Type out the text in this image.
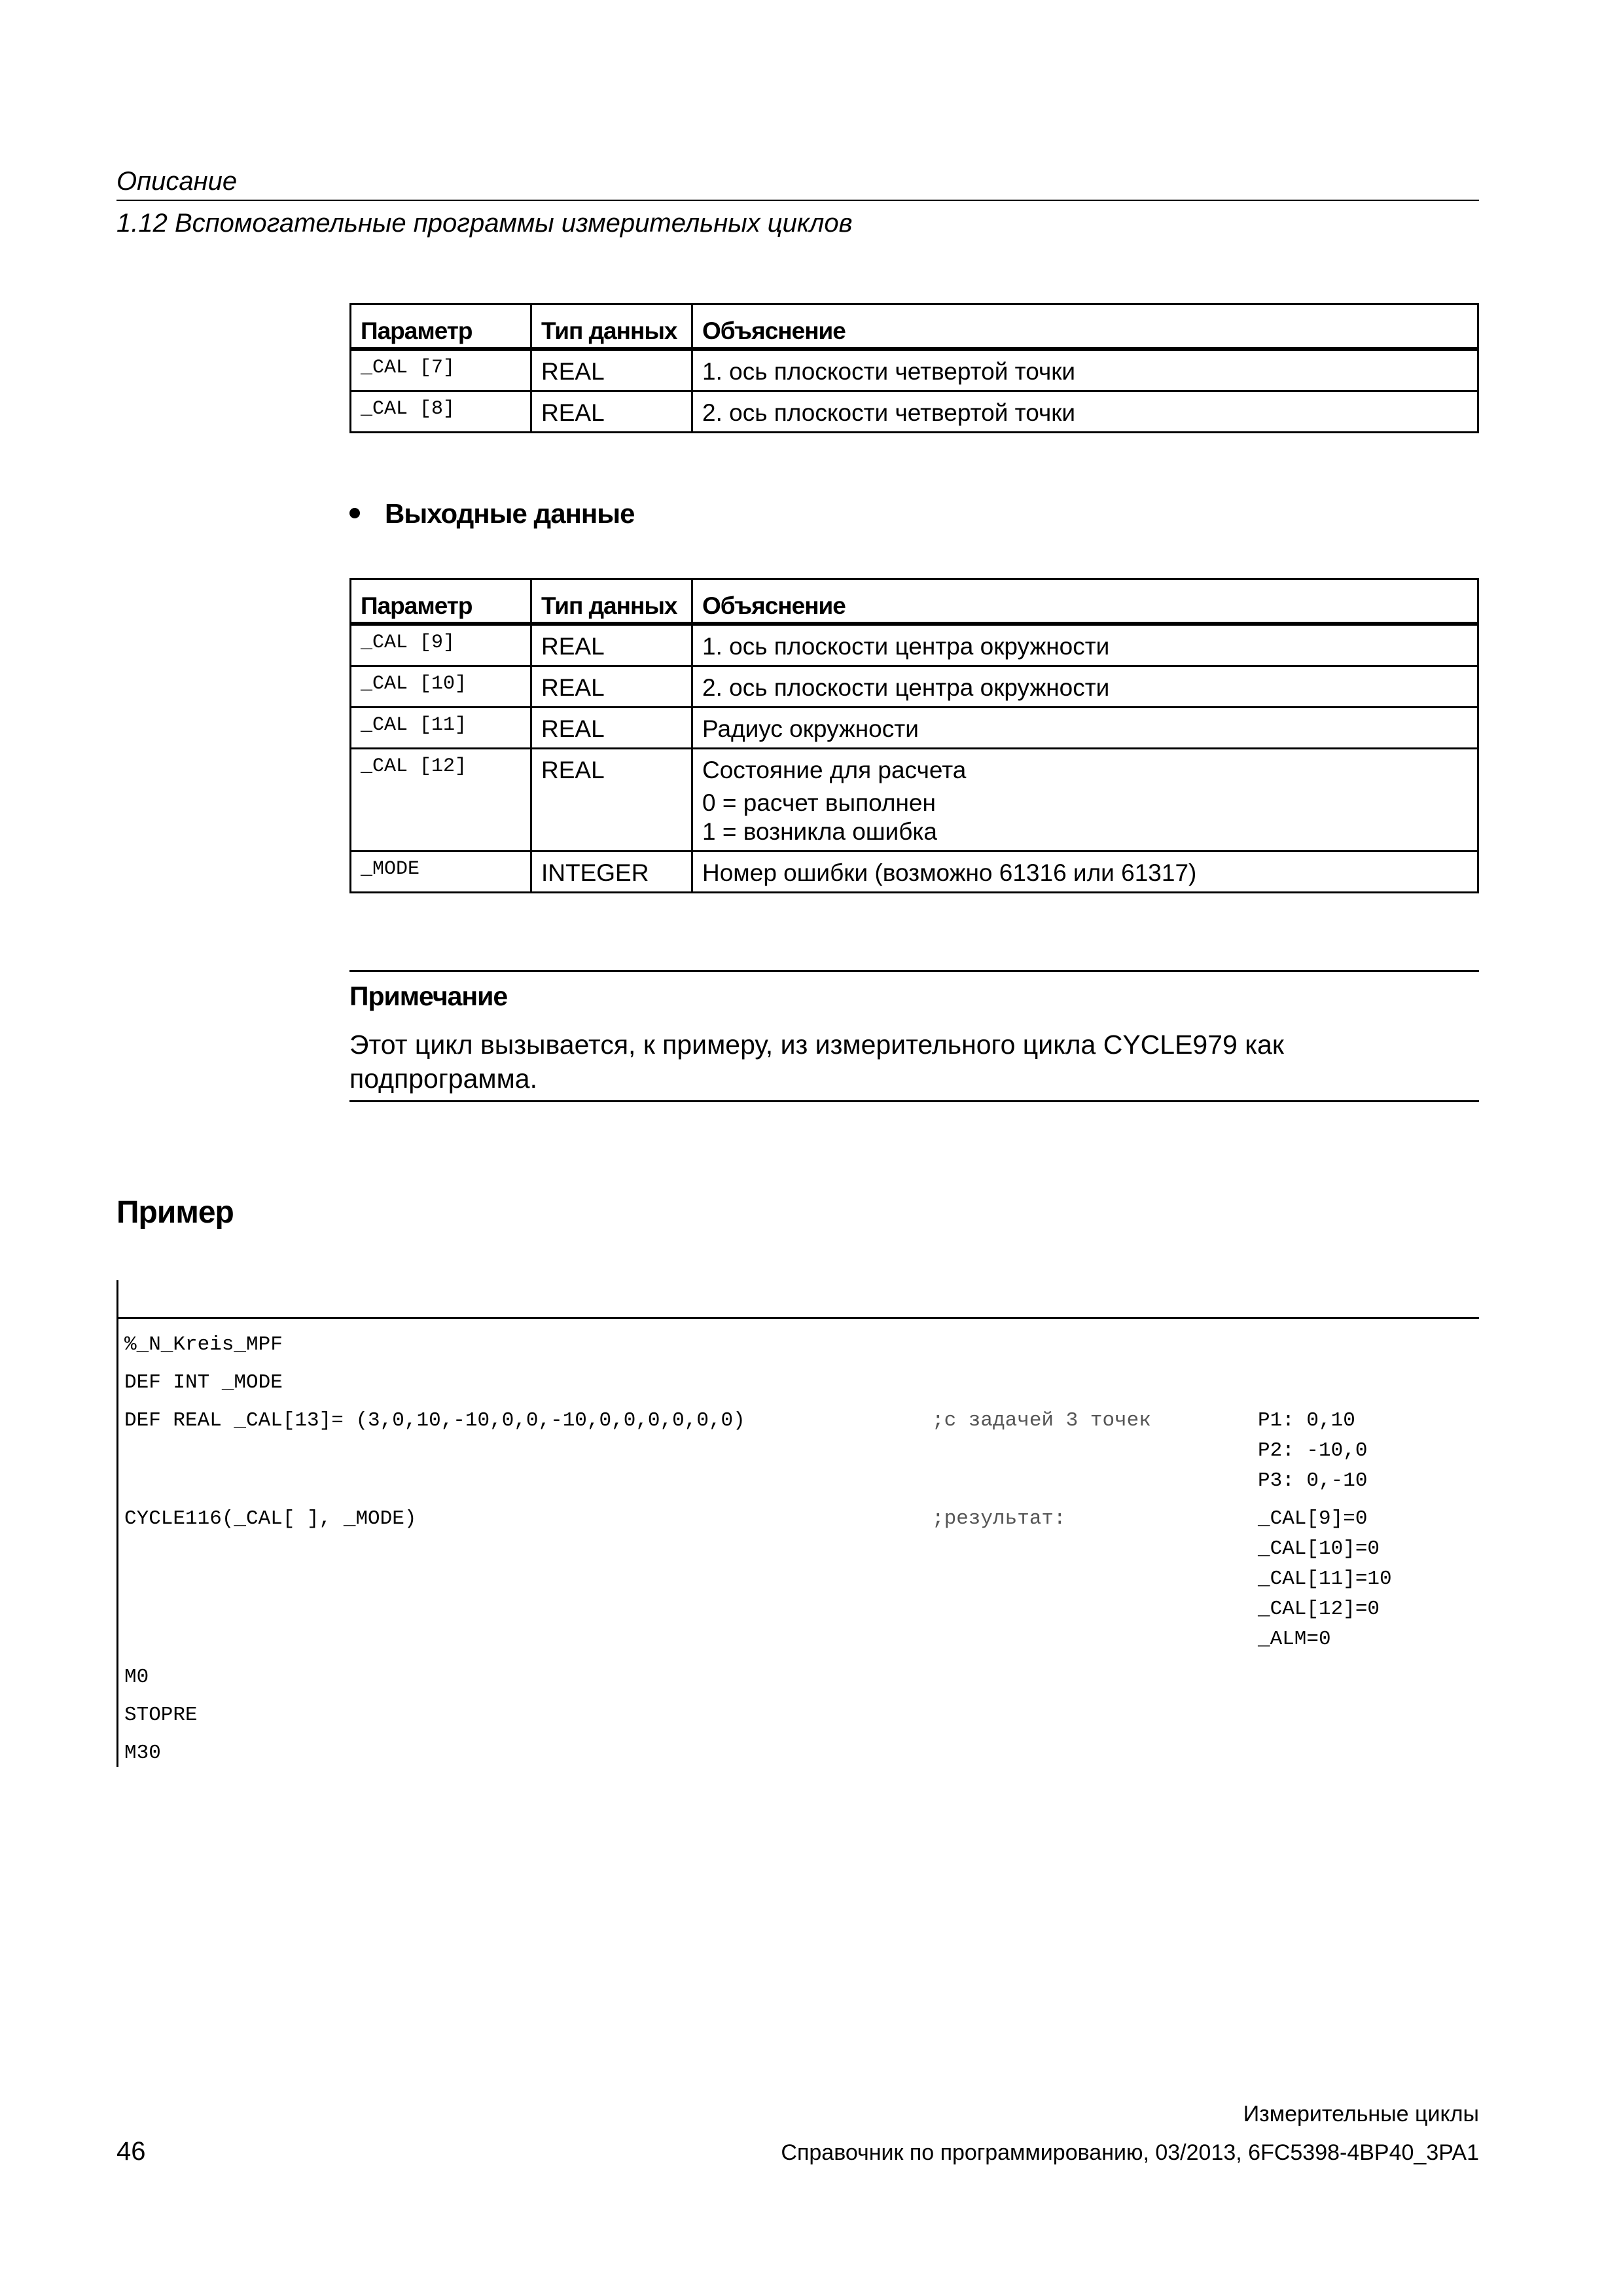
Описание
1.12 Вспомогательные программы измерительных циклов
Параметр	Тип данных	Объяснение
_CAL [7]	REAL	1. ось плоскости четвертой точки
_CAL [8]	REAL	2. ось плоскости четвертой точки
Выходные данные
Параметр	Тип данных	Объяснение
_CAL [9]	REAL	1. ось плоскости центра окружности
_CAL [10]	REAL	2. ось плоскости центра окружности
_CAL [11]	REAL	Радиус окружности
_CAL [12]	REAL	Состояние для расчета
0 = расчет выполнен
1 = возникла ошибка

_MODE	INTEGER	Номер ошибки (возможно 61316 или 61317)
Примечание
Этот цикл вызывается, к примеру, из измерительного цикла CYCLE979 как подпрограмма.
Пример
%_N_Kreis_MPF
DEF INT _MODE
DEF REAL _CAL[13]= (3,0,10,-10,0,0,-10,0,0,0,0,0,0)	;с задачей 3 точек	P1: 0,10
P2: -10,0
P3: 0,-10
CYCLE116(_CAL[ ], _MODE)	;результат:	_CAL[9]=0
_CAL[10]=0
_CAL[11]=10
_CAL[12]=0
_ALM=0
M0
STOPRE
M30
Измерительные циклы
46	Справочник по программированию, 03/2013, 6FC5398-4BP40_3PA1
